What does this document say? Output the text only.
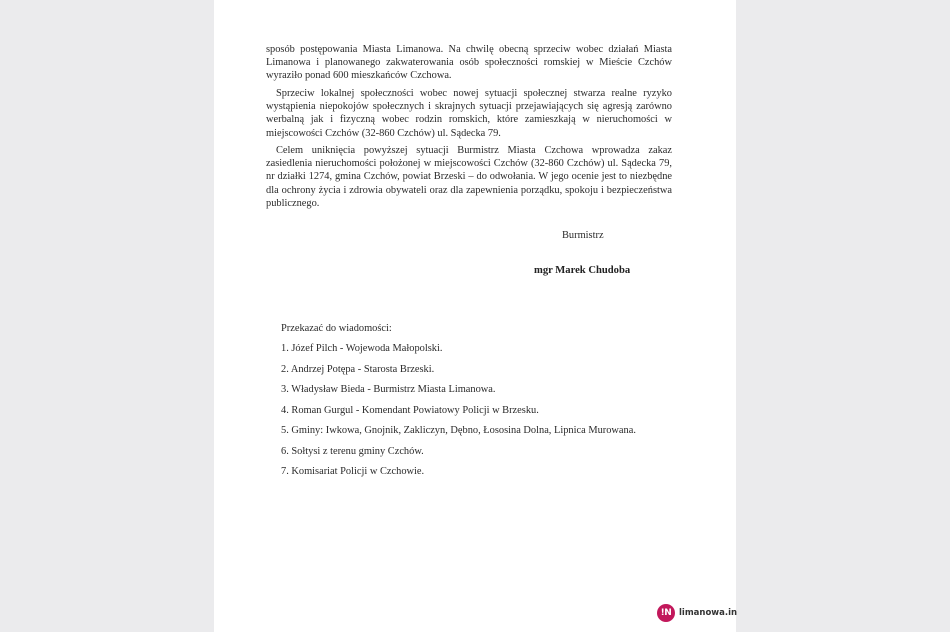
sposób postępowania Miasta Limanowa. Na chwilę obecną sprzeciw wobec działań Miasta Limanowa i planowanego zakwaterowania osób społeczności romskiej w Mieście Czchów wyraziło ponad 600 mieszkańców Czchowa.

Sprzeciw lokalnej społeczności wobec nowej sytuacji społecznej stwarza realne ryzyko wystąpienia niepokojów społecznych i skrajnych sytuacji przejawiających się agresją zarówno werbalną jak i fizyczną wobec rodzin romskich, które zamieszkają w nieruchomości w miejscowości Czchów (32-860 Czchów) ul. Sądecka 79.

Celem uniknięcia powyższej sytuacji Burmistrz Miasta Czchowa wprowadza zakaz zasiedlenia nieruchomości położonej w miejscowości Czchów (32-860 Czchów) ul. Sądecka 79, nr działki 1274, gmina Czchów, powiat Brzeski – do odwołania. W jego ocenie jest to niezbędne dla ochrony życia i zdrowia obywateli oraz dla zapewnienia porządku, spokoju i bezpieczeństwa publicznego.

Burmistrz
mgr Marek Chudoba

Przekazać do wiadomości:

1. Józef Pilch - Wojewoda Małopolski.
2. Andrzej Potępa - Starosta Brzeski.
3. Władysław Bieda - Burmistrz Miasta Limanowa.
4. Roman Gurgul - Komendant Powiatowy Policji w Brzesku.
5. Gminy: Iwkowa, Gnojnik, Zakliczyn, Dębno, Łososina Dolna, Lipnica Murowana.
6. Sołtysi z terenu gminy Czchów.
7. Komisariat Policji w Czchowie.
!N limanowa.in
